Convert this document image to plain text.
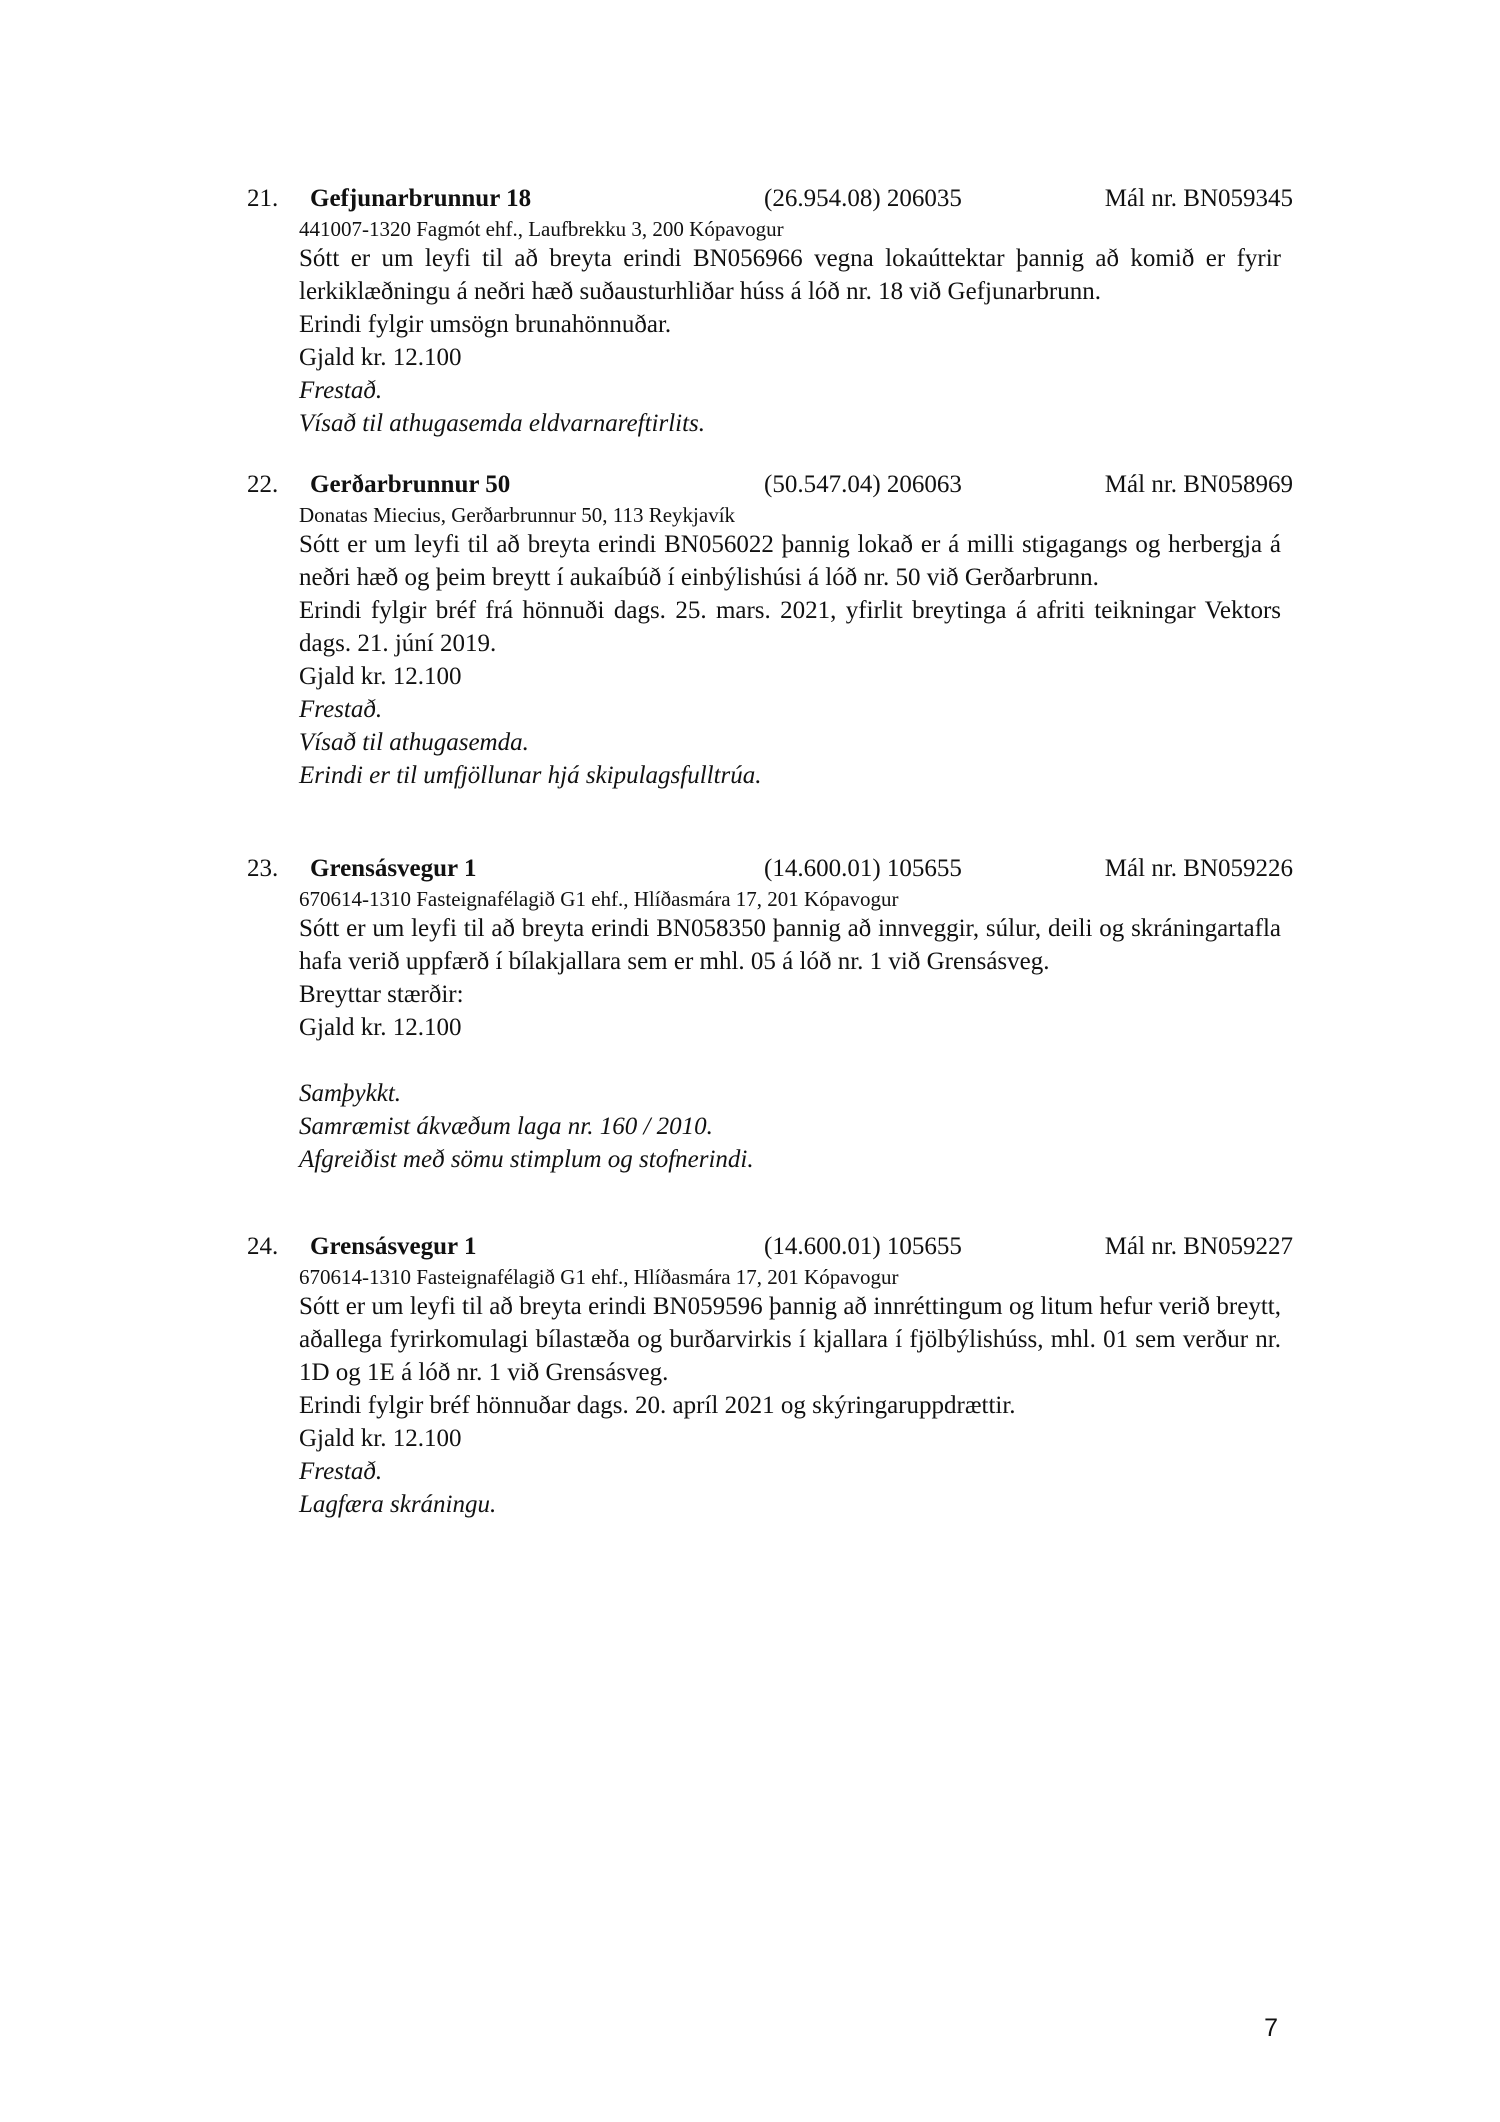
21. Gefjunarbrunnur 18	(26.954.08) 206035	Mál nr. BN059345

441007-1320 Fagmót ehf., Laufbrekku 3, 200 Kópavogur

Sótt er um leyfi til að breyta erindi BN056966 vegna lokaúttektar þannig að komið er fyrir lerkiklæðningu á neðri hæð suðausturhliðar húss á lóð nr. 18 við Gefjunarbrunn.

Erindi fylgir umsögn brunahönnuðar.

Gjald kr. 12.100

Frestað.

Vísað til athugasemda eldvarnareftirlits.

22. Gerðarbrunnur 50	(50.547.04) 206063	Mál nr. BN058969

Donatas Miecius, Gerðarbrunnur 50, 113 Reykjavík

Sótt er um leyfi til að breyta erindi BN056022 þannig lokað er á milli stigagangs og herbergja á neðri hæð og þeim breytt í aukaíbúð í einbýlishúsi á lóð nr. 50 við Gerðarbrunn.

Erindi fylgir bréf frá hönnuði dags. 25. mars. 2021, yfirlit breytinga á afriti teikningar Vektors dags. 21. júní 2019.

Gjald kr. 12.100

Frestað.

Vísað til athugasemda.

Erindi er til umfjöllunar hjá skipulagsfulltrúa.

23. Grensásvegur 1	(14.600.01) 105655	Mál nr. BN059226

670614-1310 Fasteignafélagið G1 ehf., Hlíðasmára 17, 201 Kópavogur

Sótt er um leyfi til að breyta erindi BN058350 þannig að innveggir, súlur, deili og skráningartafla hafa verið uppfærð í bílakjallara sem er mhl. 05 á lóð nr. 1 við Grensásveg.

Breyttar stærðir:

Gjald kr. 12.100

Samþykkt.

Samræmist ákvæðum laga nr. 160 / 2010.

Afgreiðist með sömu stimplum og stofnerindi.

24. Grensásvegur 1	(14.600.01) 105655	Mál nr. BN059227

670614-1310 Fasteignafélagið G1 ehf., Hlíðasmára 17, 201 Kópavogur

Sótt er um leyfi til að breyta erindi BN059596 þannig að innréttingum og litum hefur verið breytt, aðallega fyrirkomulagi bílastæða og burðarvirkis í kjallara í fjölbýlishúss, mhl. 01 sem verður nr. 1D og 1E á lóð nr. 1 við Grensásveg.

Erindi fylgir bréf hönnuðar dags. 20. apríl 2021 og skýringaruppdrættir.

Gjald kr. 12.100

Frestað.

Lagfæra skráningu.

7
